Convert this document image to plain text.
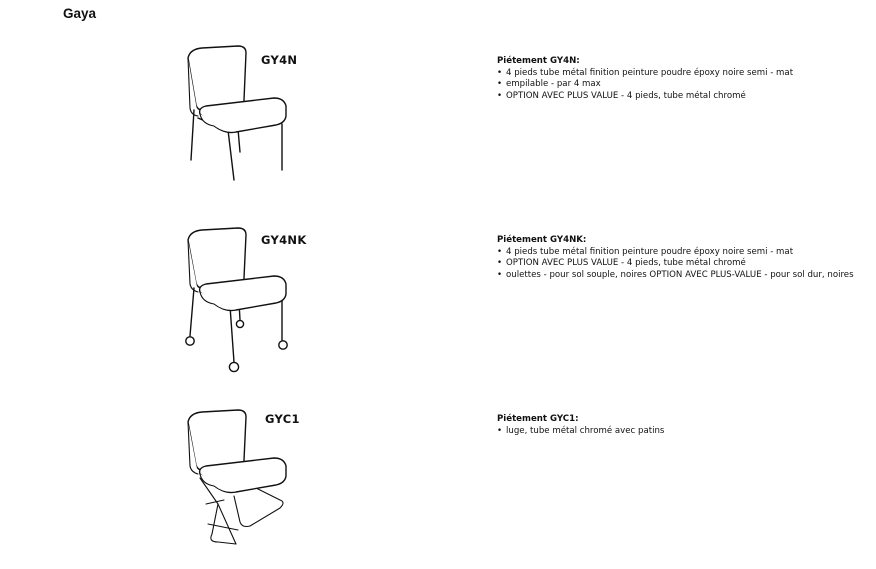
Gaya
GY4N	Piétement GY4N:
• 4 pieds tube métal finition peinture poudre époxy noire semi - mat
• empilable - par 4 max
• OPTION AVEC PLUS VALUE - 4 pieds, tube métal chromé
GY4NK	Piétement GY4NK:
• 4 pieds tube métal finition peinture poudre époxy noire semi - mat
• OPTION AVEC PLUS VALUE - 4 pieds, tube métal chromé
• oulettes - pour sol souple, noires OPTION AVEC PLUS-VALUE - pour sol dur, noires
GYC1	Piétement GYC1:
• luge, tube métal chromé avec patins
